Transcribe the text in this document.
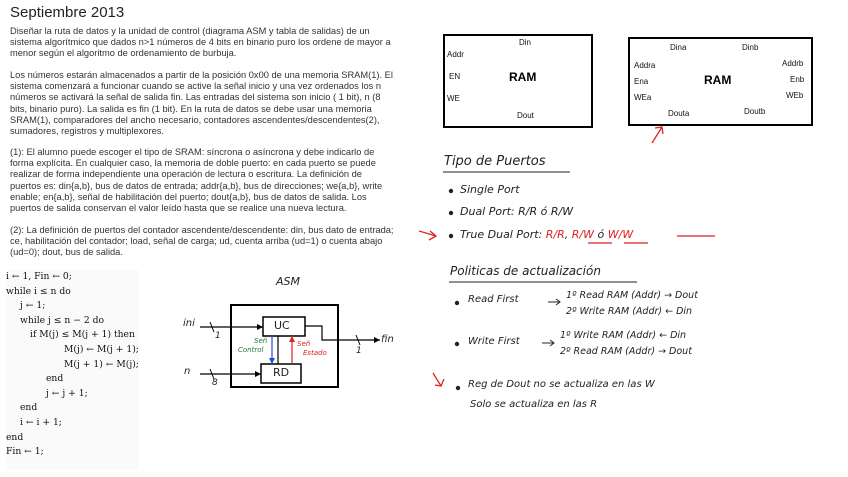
Septiembre 2013

Diseñar la ruta de datos y la unidad de control (diagrama ASM y tabla de salidas) de un sistema algorítmico que dados n>1 números de 4 bits en binario puro los ordene de mayor a menor según el algoritmo de ordenamiento de burbuja.

Los números estarán almacenados a partir de la posición 0x00 de una memoria SRAM(1). El sistema comenzará a funcionar cuando se active la señal inicio y una vez ordenados los n números se activará la señal de salida fin. Las entradas del sistema son inicio ( 1 bit), n (8 bits, binario puro). La salida es fin (1 bit). En la ruta de datos se debe usar una memoria SRAM(1), comparadores del ancho necesario, contadores ascendentes/descendentes(2), sumadores, registros y multiplexores.

(1): El alumno puede escoger el tipo de SRAM: síncrona o asíncrona y debe indicarlo de forma explícita. En cualquier caso, la memoria de doble puerto: en cada puerto se puede realizar de forma independiente una operación de lectura o escritura. La definición de puertos es: din{a,b}, bus de datos de entrada; addr{a,b}, bus de direcciones; we{a,b}, write enable; en{a,b}, señal de habilitación del puerto; dout{a,b}, bus de datos de salida. Los puertos de salida conservan el valor leído hasta que se realice una nueva lectura.

(2): La definición de puertos del contador ascendente/descendente: din, bus dato de entrada; ce, habilitación del contador; load, señal de carga; ud, cuenta arriba (ud=1) o cuenta abajo (ud=0); dout, bus de salida.

i ← 1, Fin ← 0;
while i ≤ n do
j ← 1;
while j ≤ n − 2 do
if M(j) ≤ M(j + 1) then
M(j) ← M(j + 1);
M(j + 1) ← M(j);
end
j ← j + 1;
end
i ← i + 1;
end
Fin ← 1;
ASM
ini
1
n
8
fin
1
UC
RD
Señ
Control
Señ
Estado
Din
Addr
EN	RAM
WE
Dout
Dina	Dinb
Addra	Addrb
Ena	RAM	Enb
WEa	WEb
Douta	Doutb
Tipo de Puertos
Single Port
Dual Port: R/R ó R/W
True Dual Port: R/R, R/W ó W/W
Politicas de actualización
Read First	1º Read RAM (Addr) → Dout
2º Write RAM (Addr) ← Din
Write First
1º Write RAM (Addr) ← Din
2º Read RAM (Addr) → Dout
Reg de Dout no se actualiza en las W
Solo se actualiza en las R
